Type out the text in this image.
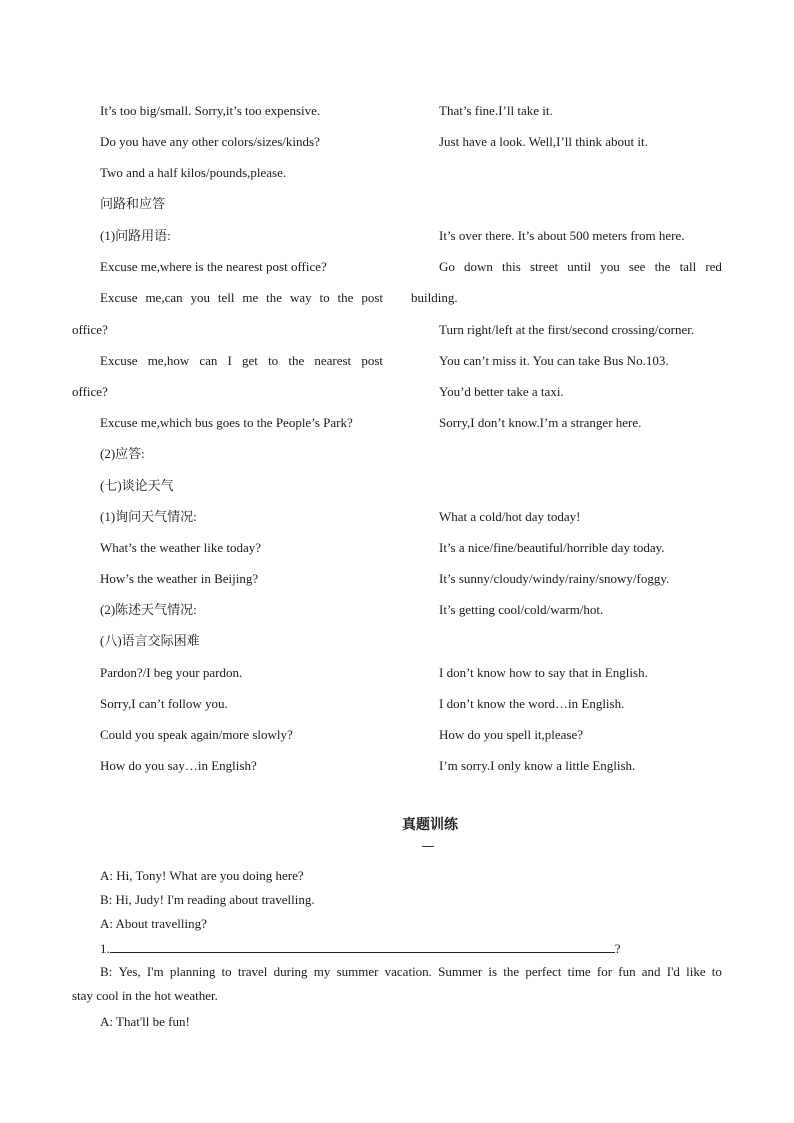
It’s too big/small. Sorry,it’s too expensive.
Do you have any other colors/sizes/kinds?
Two and a half kilos/pounds,please.
问路和应答
(1)问路用语:
Excuse me,where is the nearest post office?
Excuse me,can you tell me the way to the post
office?
Excuse me,how can I get to the nearest post
office?
Excuse me,which bus goes to the People’s Park?
(2)应答:
(七)谈论天气
(1)询问天气情况:
What’s the weather like today?
How’s the weather in Beijing?
(2)陈述天气情况:
(八)语言交际困难
Pardon?/I beg your pardon.
Sorry,I can’t follow you.
Could you speak again/more slowly?
How do you say…in English?
That’s fine.I’ll take it.
Just have a look. Well,I’ll think about it.
It’s over there. It’s about 500 meters from here.
Go down this street until you see the tall red
building.
Turn right/left at the first/second crossing/corner.
You can’t miss it. You can take Bus No.103.
You’d better take a taxi.
Sorry,I don’t know.I’m a stranger here.
What a cold/hot day today!
It’s a nice/fine/beautiful/horrible day today.
It’s sunny/cloudy/windy/rainy/snowy/foggy.
It’s getting cool/cold/warm/hot.
I don’t know how to say that in English.
I don’t know the word…in English.
How do you spell it,please?
I’m sorry.I only know a little English.
真题训练
A: Hi, Tony! What are you doing here?
B: Hi, Judy! I'm reading about travelling.
A: About travelling?
1.	?
B: Yes, I'm planning to travel during my summer vacation. Summer is the perfect time for fun and I'd like to
stay cool in the hot weather.
A: That'll be fun!
